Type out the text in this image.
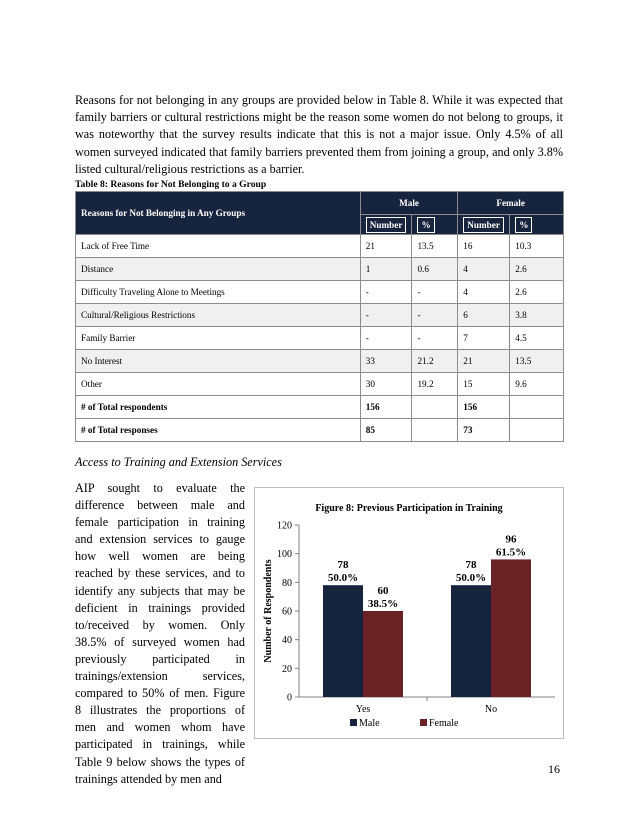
Reasons for not belonging in any groups are provided below in Table 8. While it was expected that family barriers or cultural restrictions might be the reason some women do not belong to groups, it was noteworthy that the survey results indicate that this is not a major issue. Only 4.5% of all women surveyed indicated that family barriers prevented them from joining a group, and only 3.8% listed cultural/religious restrictions as a barrier.

Table 8: Reasons for Not Belonging to a Group

Reasons for Not Belonging in Any Groups	Male		Female	
	Number	%	Number	%
Lack of Free Time	21	13.5	16	10.3
Distance	1	0.6	4	2.6
Difficulty Traveling Alone to Meetings	-	-	4	2.6
Cultural/Religious Restrictions	-	-	6	3.8
Family Barrier	-	-	7	4.5
No Interest	33	21.2	21	13.5
Other	30	19.2	15	9.6
# of Total respondents	156		156	
# of Total responses	85		73	

Access to Training and Extension Services

AIP sought to evaluate the difference between male and female participation in training and extension services to gauge how well women are being reached by these services, and to identify any subjects that may be deficient in trainings provided to/received by women. Only 38.5% of surveyed women had previously participated in trainings/extension services, compared to 50% of men. Figure 8 illustrates the proportions of men and women whom have participated in trainings, while Table 9 below shows the types of trainings attended by men and

Figure 8: Previous Participation in Training
Number of Respondents
0
20
40
60
80
100
120
Yes
78
50.0%
60
38.5%
No
78
50.0%
96
61.5%
Male	Female
16
